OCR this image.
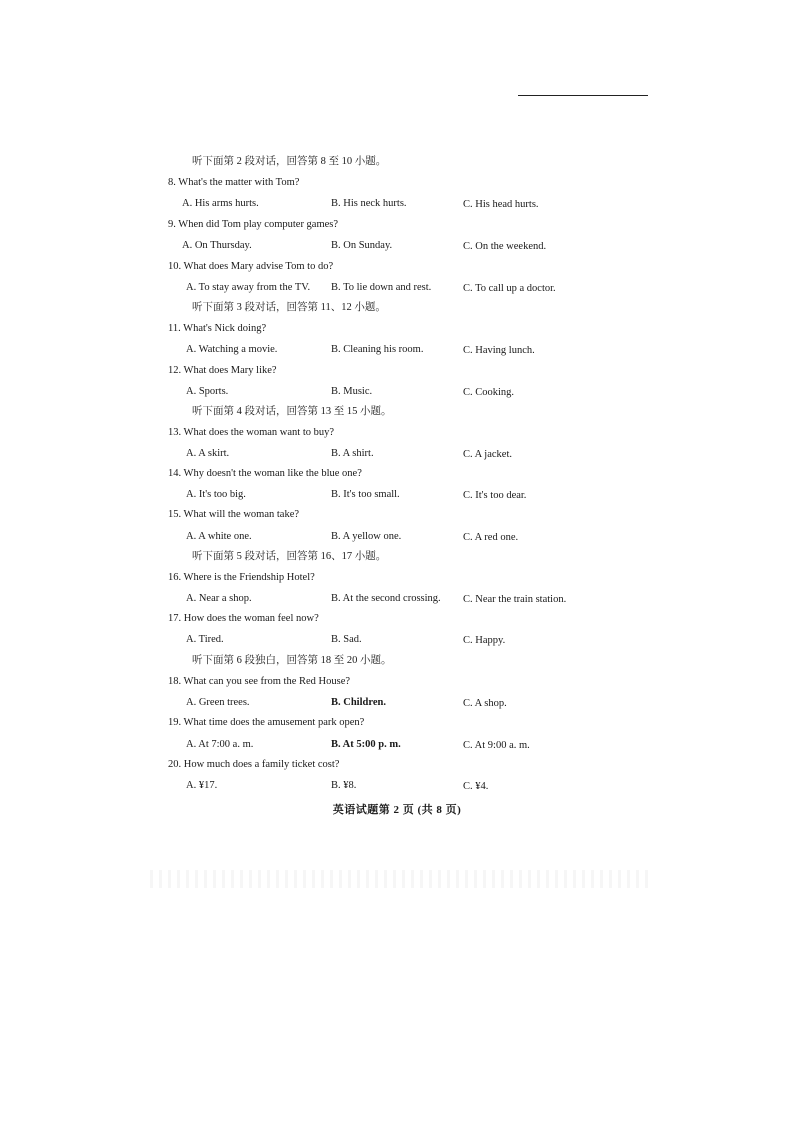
听下面第 2 段对话，回答第 8 至 10 小题。
8. What's the matter with Tom?
A. His arms hurts.	B. His neck hurts.	C. His head hurts.
9. When did Tom play computer games?
A. On Thursday.	B. On Sunday.	C. On the weekend.
10. What does Mary advise Tom to do?
A. To stay away from the TV. B. To lie down and rest.	C. To call up a doctor.
听下面第 3 段对话，回答第 11、12 小题。
11. What's Nick doing?
A. Watching a movie.	B. Cleaning his room.	C. Having lunch.
12. What does Mary like?
A. Sports.	B. Music.	C. Cooking.
听下面第 4 段对话，回答第 13 至 15 小题。
13. What does the woman want to buy?
A. A skirt.	B. A shirt.	C. A jacket.
14. Why doesn't the woman like the blue one?
A. It's too big.	B. It's too small.	C. It's too dear.
15. What will the woman take?
A. A white one.	B. A yellow one.	C. A red one.
听下面第 5 段对话，回答第 16、17 小题。
16. Where is the Friendship Hotel?
A. Near a shop.	B. At the second crossing. C. Near the train station.
17. How does the woman feel now?
A. Tired.	B. Sad.	C. Happy.
听下面第 6 段独白，回答第 18 至 20 小题。
18. What can you see from the Red House?
A. Green trees.	B. Children.	C. A shop.
19. What time does the amusement park open?
A. At 7:00 a. m.	B. At 5:00 p. m.	C. At 9:00 a. m.
20. How much does a family ticket cost?
A. ¥17.	B. ¥8.	C. ¥4.
英语试题第 2 页 (共 8 页)
